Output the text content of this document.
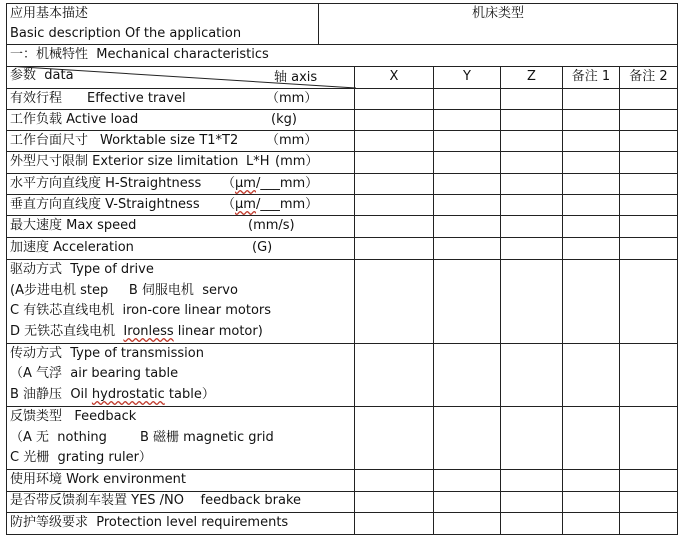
应用基本描述
Basic description Of the application
机床类型
一：机械特性  Mechanical characteristics
参数  data	轴 axis	X	Y	Z	备注 1	备注 2
有效行程 Effective travel	（mm）
工作负载 Active load	(kg)
工作台面尺寸 Worktable size T1*T2 （mm）
外型尺寸限制 Exterior size limitation L*H (mm）
水平方向直线度 H-Straightness （μm/___mm）
垂直方向直线度 V-Straightness （μm/___mm）
最大速度 Max speed	(mm/s)
加速度 Acceleration	(G)
驱动方式  Type of drive
(A步进电机 step     B 伺服电机  servo
C 有铁芯直线电机  iron-core linear motors
D 无铁芯直线电机  Ironless linear motor)
传动方式  Type of transmission
（A 气浮  air bearing table
B 油静压  Oil hydrostatic table）
反馈类型   Feedback
（A 无  nothing        B 磁栅 magnetic grid
C 光栅  grating ruler）
使用环境 Work environment
是否带反馈刹车装置 YES /NO    feedback brake
防护等级要求  Protection level requirements
